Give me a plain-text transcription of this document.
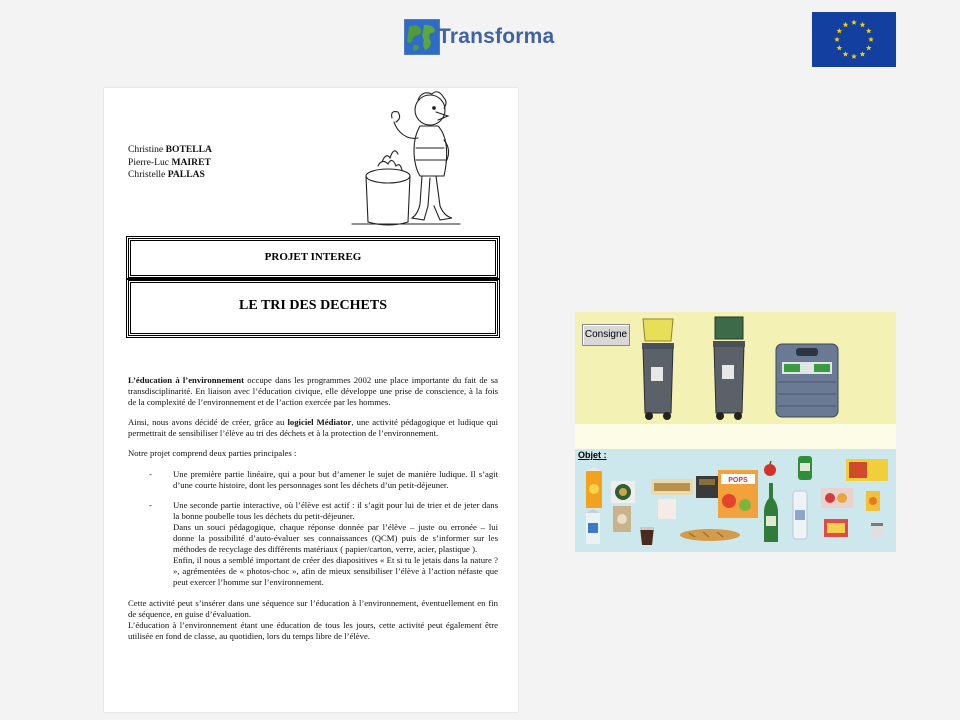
Transforma
Christine BOTELLA
Pierre-Luc MAIRET
Christelle PALLAS
PROJET INTEREG
LE TRI DES DECHETS

L’éducation à l’environnement occupe dans les programmes 2002 une place importante du fait de sa transdisciplinarité. En liaison avec l’éducation civique, elle développe une prise de conscience, à la fois de la complexité de l’environnement et de l’action exercée par les hommes.

Ainsi, nous avons décidé de créer, grâce au logiciel Médiator, une activité pédagogique et ludique qui permettrait de sensibiliser l’élève au tri des déchets et à la protection de l’environnement.

Notre projet comprend deux parties principales :

-	Une première partie linéaire, qui a pour but d’amener le sujet de manière ludique. Il s’agit d’une courte histoire, dont les personnages sont les déchets d’un petit-déjeuner.
-	Une seconde partie interactive, où l’élève est actif : il s’agit pour lui de trier et de jeter dans la bonne poubelle tous les déchets du petit-déjeuner.
Dans un souci pédagogique, chaque réponse donnée par l’élève – juste ou erronée – lui donne la possibilité d’auto-évaluer ses connaissances (QCM) puis de s’informer sur les méthodes de recyclage des différents matériaux ( papier/carton, verre, acier, plastique ).
Enfin, il nous a semblé important de créer des diapositives « Et si tu le jetais dans la nature ? », agrémentées de « photos-choc », afin de mieux sensibiliser l’élève à l’action néfaste que peut exercer l’homme sur l’environnement.

Cette activité peut s’insérer dans une séquence sur l’éducation à l’environnement, éventuellement en fin de séquence, en guise d’évaluation.

L’éducation à l’environnement étant une éducation de tous les jours, cette activité peut également être utilisée en fond de classe, au quotidien, lors du temps libre de l’élève.

Consigne
Objet :
POPS
